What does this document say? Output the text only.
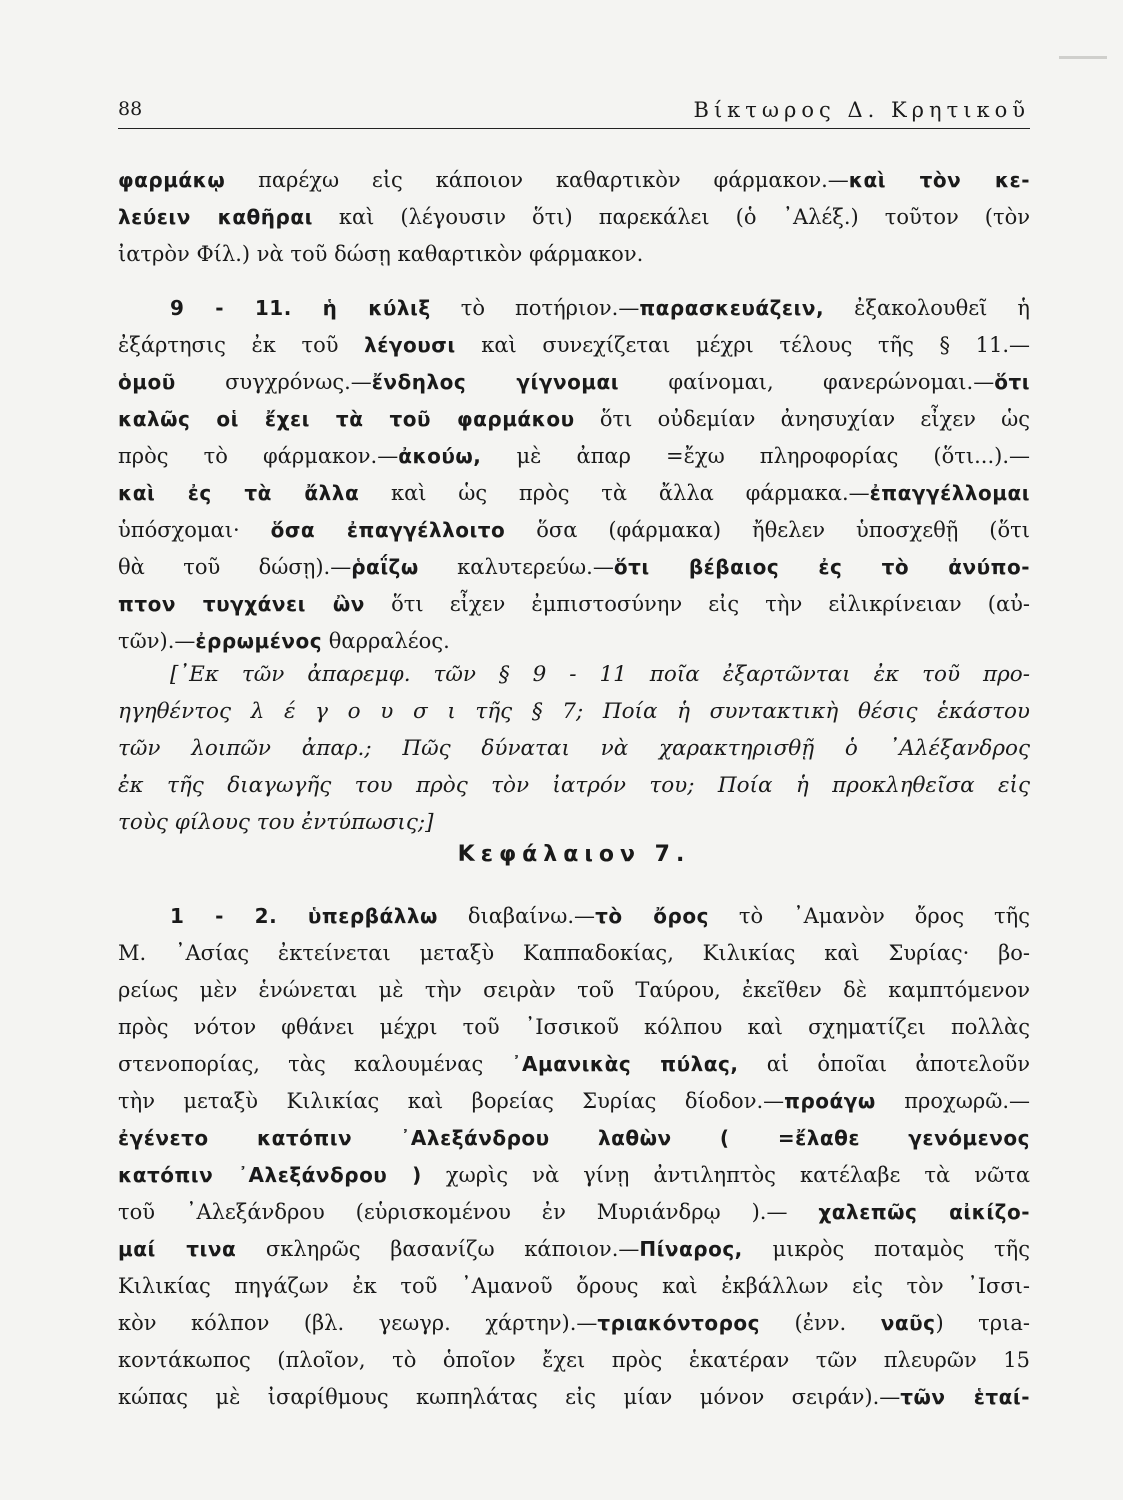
88	Βίκτωρος Δ. Κρητικοῦ
φαρμάκῳ παρέχω εἰς κάποιον καθαρτικὸν φάρμακον.—καὶ τὸν κε-
λεύειν καθῆραι καὶ (λέγουσιν ὅτι) παρεκάλει (ὁ ᾿Αλέξ.) τοῦτον (τὸν
ἰατρὸν Φίλ.) νὰ τοῦ δώσῃ καθαρτικὸν φάρμακον.
9 - 11. ἡ κύλιξ τὸ ποτήριον.—παρασκευάζειν, ἐξακολουθεῖ ἡ
ἐξάρτησις ἐκ τοῦ λέγουσι καὶ συνεχίζεται μέχρι τέλους τῆς § 11.—
ὁμοῦ συγχρόνως.—ἔνδηλος γίγνομαι φαίνομαι, φανερώνομαι.—ὅτι
καλῶς οἱ ἔχει τὰ τοῦ φαρμάκου ὅτι οὐδεμίαν ἀνησυχίαν εἶχεν ὡς
πρὸς τὸ φάρμακον.—ἀκούω, μὲ ἀπαρ =ἔχω πληροφορίας (ὅτι...).—
καὶ ἐς τὰ ἄλλα καὶ ὡς πρὸς τὰ ἄλλα φάρμακα.—ἐπαγγέλλομαι
ὑπόσχομαι· ὅσα ἐπαγγέλλοιτο ὅσα (φάρμακα) ἤθελεν ὑποσχεθῇ (ὅτι
θὰ τοῦ δώσῃ).—ῥαΐζω καλυτερεύω.—ὅτι βέβαιος ἐς τὸ ἀνύπο-
πτον τυγχάνει ὢν ὅτι εἶχεν ἐμπιστοσύνην εἰς τὴν εἰλικρίνειαν (αὐ-
τῶν).—ἐρρωμένος θαρραλέος.
[᾿Εκ τῶν ἀπαρεμφ. τῶν § 9 - 11 ποῖα ἐξαρτῶνται ἐκ τοῦ προ-
ηγηθέντος λ έ γ ο υ σ ι τῆς § 7; Ποία ἡ συντακτικὴ θέσις ἑκάστου
τῶν λοιπῶν ἀπαρ.; Πῶς δύναται νὰ χαρακτηρισθῇ ὁ ᾿Αλέξανδρος
ἐκ τῆς διαγωγῆς του πρὸς τὸν ἰατρόν του; Ποία ἡ προκληθεῖσα εἰς
τοὺς φίλους του ἐντύπωσις;]
Κεφάλαιον 7.
1 - 2. ὑπερβάλλω διαβαίνω.—τὸ ὄρος τὸ ᾿Αμανὸν ὄρος τῆς
Μ. ᾿Ασίας ἐκτείνεται μεταξὺ Καππαδοκίας, Κιλικίας καὶ Συρίας· βο-
ρείως μὲν ἑνώνεται μὲ τὴν σειρὰν τοῦ Ταύρου, ἐκεῖθεν δὲ καμπτόμενον
πρὸς νότον φθάνει μέχρι τοῦ ᾿Ισσικοῦ κόλπου καὶ σχηματίζει πολλὰς
στενοπορίας, τὰς καλουμένας ᾿Αμανικὰς πύλας, αἱ ὁποῖαι ἀποτελοῦν
τὴν μεταξὺ Κιλικίας καὶ βορείας Συρίας δίοδον.—προάγω προχωρῶ.—
ἐγένετο κατόπιν ᾿Αλεξάνδρου λαθὼν ( =ἔλαθε γενόμενος
κατόπιν ᾿Αλεξάνδρου ) χωρὶς νὰ γίνῃ ἀντιληπτὸς κατέλαβε τὰ νῶτα
τοῦ ᾿Αλεξάνδρου (εὑρισκομένου ἐν Μυριάνδρῳ ).— χαλεπῶς αἰκίζο-
μαί τινα σκληρῶς βασανίζω κάποιον.—Πίναρος, μικρὸς ποταμὸς τῆς
Κιλικίας πηγάζων ἐκ τοῦ ᾿Αμανοῦ ὄρους καὶ ἐκβάλλων εἰς τὸν ᾿Ισσι-
κὸν κόλπον (βλ. γεωγρ. χάρτην).—τριακόντορος (ἐνν. ναῦς) τριa-
κοντάκωπος (πλοῖον, τὸ ὁποῖον ἔχει πρὸς ἑκατέραν τῶν πλευρῶν 15
κώπας μὲ ἰσαρίθμους κωπηλάτας εἰς μίαν μόνον σειράν).—τῶν ἑταί-
